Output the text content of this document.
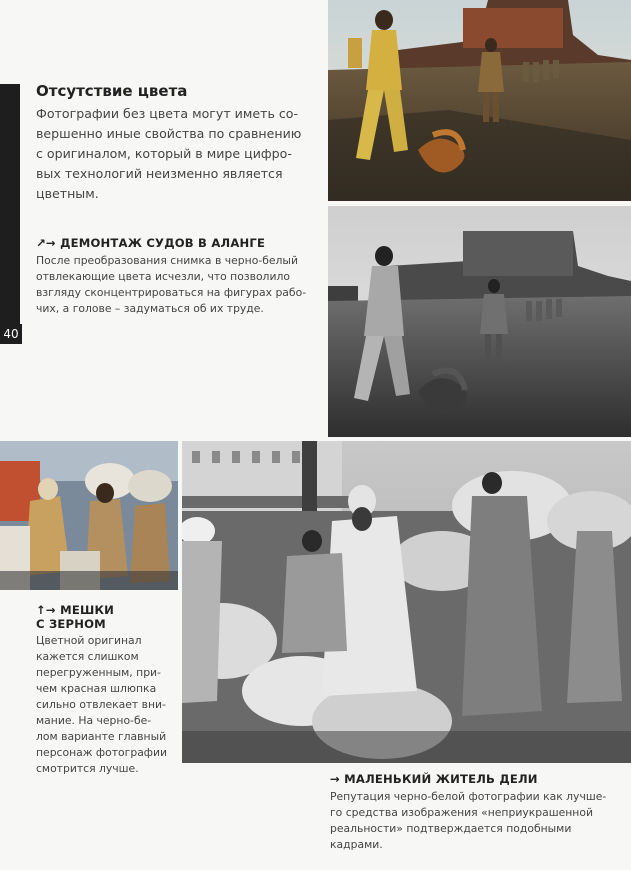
40
Отсутствие цвета

Фотографии без цвета могут иметь со-
вершенно иные свойства по сравнению
с оригиналом, который в мире цифро-
вых технологий неизменно является
цветным.

↗→ ДЕМОНТАЖ СУДОВ В АЛАНГЕ
После преобразования снимка в черно-белый
отвлекающие цвета исчезли, что позволило
взгляду сконцентрироваться на фигурах рабо-
чих, а голове – задуматься об их труде.
↑→ МЕШКИ
С ЗЕРНОМ
Цветной оригинал
кажется слишком
перегруженным, при-
чем красная шлюпка
сильно отвлекает вни-
мание. На черно-бе-
лом варианте главный
персонаж фотографии
смотрится лучше.
→ МАЛЕНЬКИЙ ЖИТЕЛЬ ДЕЛИ
Репутация черно-белой фотографии как лучше-
го средства изображения «неприукрашенной
реальности» подтверждается подобными
кадрами.
